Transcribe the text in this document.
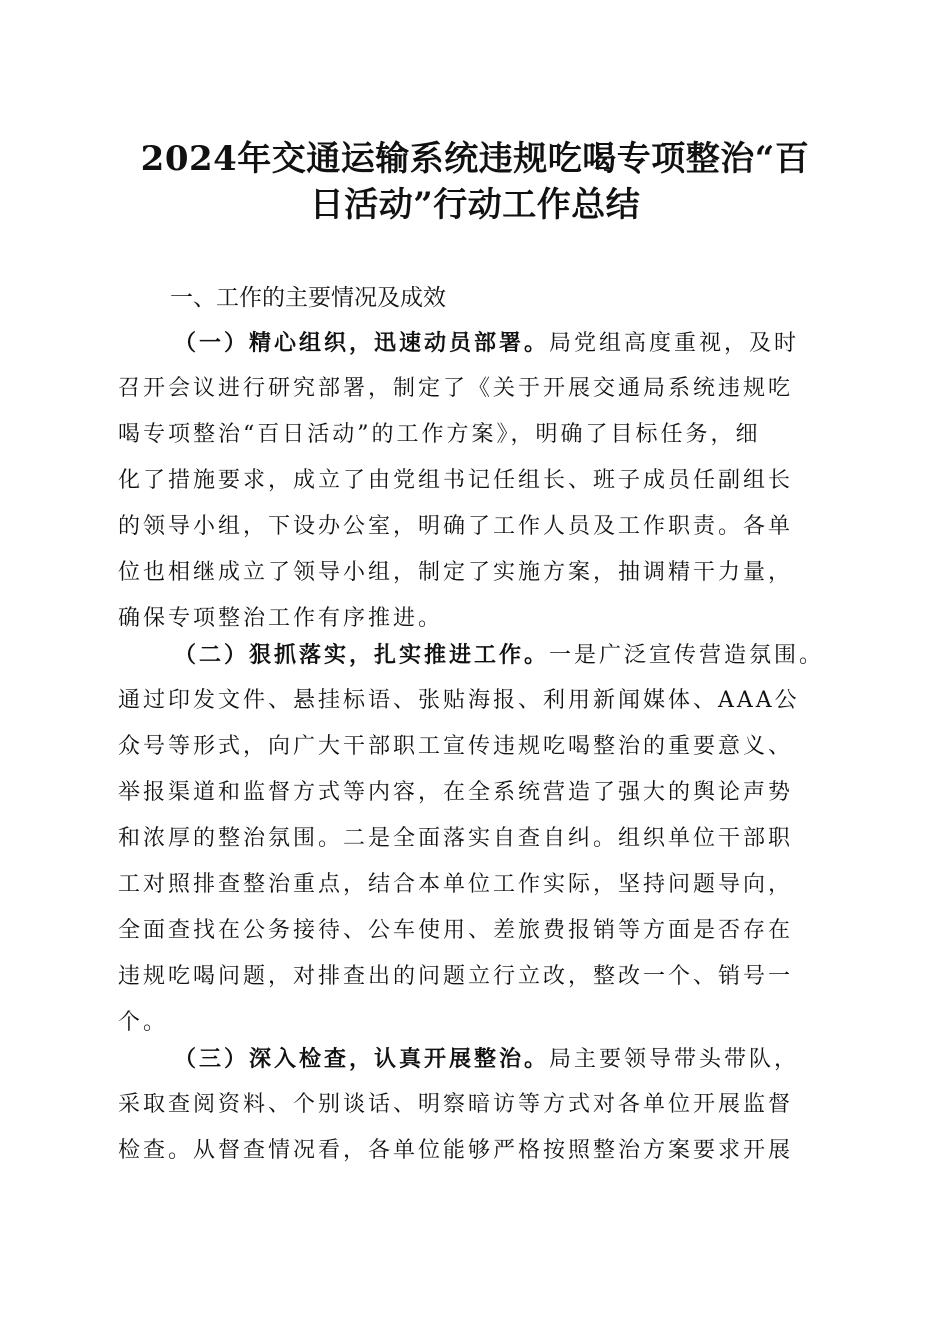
2024年交通运输系统违规吃喝专项整治“百
日活动”行动工作总结
一、工作的主要情况及成效
（一）精心组织，迅速动员部署。局党组高度重视，及时
召开会议进行研究部署，制定了《关于开展交通局系统违规吃
喝专项整治“百日活动”的工作方案》，明确了目标任务，细
化了措施要求，成立了由党组书记任组长、班子成员任副组长
的领导小组，下设办公室，明确了工作人员及工作职责。各单
位也相继成立了领导小组，制定了实施方案，抽调精干力量，
确保专项整治工作有序推进。
（二）狠抓落实，扎实推进工作。一是广泛宣传营造氛围。
通过印发文件、悬挂标语、张贴海报、利用新闻媒体、AAA公
众号等形式，向广大干部职工宣传违规吃喝整治的重要意义、
举报渠道和监督方式等内容，在全系统营造了强大的舆论声势
和浓厚的整治氛围。二是全面落实自查自纠。组织单位干部职
工对照排查整治重点，结合本单位工作实际，坚持问题导向，
全面查找在公务接待、公车使用、差旅费报销等方面是否存在
违规吃喝问题，对排查出的问题立行立改，整改一个、销号一
个。
（三）深入检查，认真开展整治。局主要领导带头带队，
采取查阅资料、个别谈话、明察暗访等方式对各单位开展监督
检查。从督查情况看，各单位能够严格按照整治方案要求开展
